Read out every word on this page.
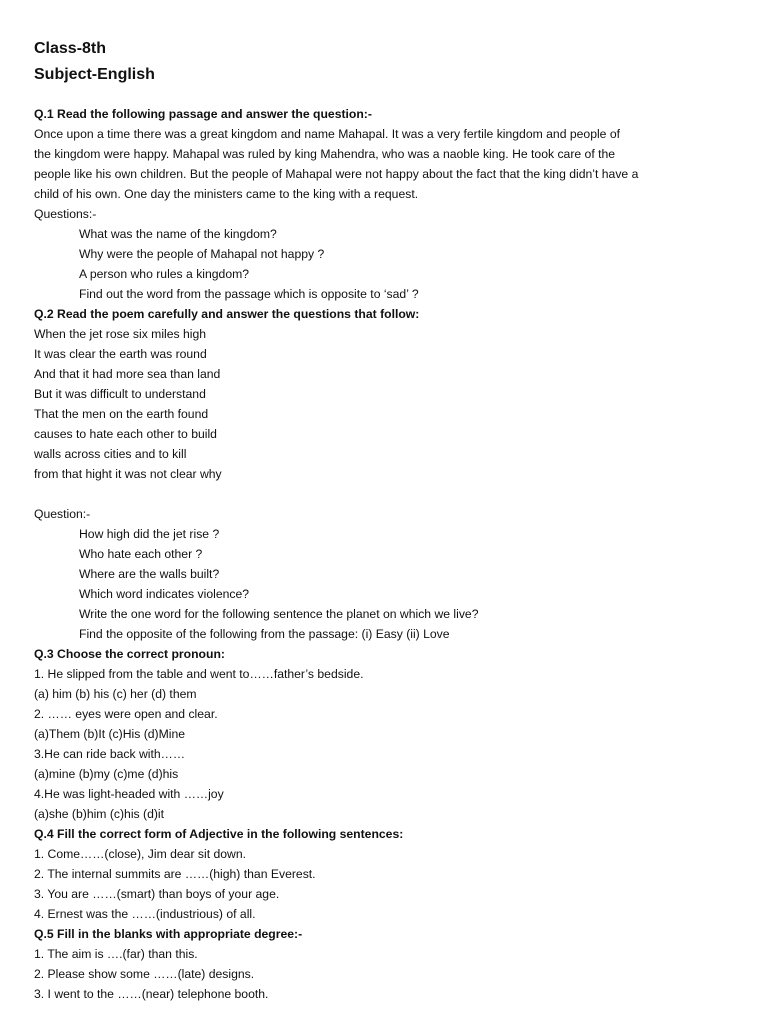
Class-8th
Subject-English
Q.1 Read the following passage and answer the question:-
Once upon a time there was a great kingdom and name Mahapal. It was a very fertile kingdom and people of
the kingdom were happy. Mahapal was ruled by king Mahendra, who was a naoble king. He took care of the
people like his own children. But the people of Mahapal were not happy about the fact that the king didn’t have a
child of his own. One day the ministers came to the king with a request.
Questions:-
What was the name of the kingdom?
Why were the people of Mahapal not happy ?
A person who rules a kingdom?
Find out the word from the passage which is opposite to ‘sad’ ?
Q.2 Read the poem carefully and answer the questions that follow:
When the jet rose six miles high
It was clear the earth was round
And that it had more sea than land
But it was difficult to understand
That the men on the earth found
causes to hate each other to build
walls across cities and to kill
from that hight it was not clear why
Question:-
How high did the jet rise ?
Who hate each other ?
Where are the walls built?
Which word indicates violence?
Write the one word for the following sentence the planet on which we live?
Find the opposite of the following from the passage: (i) Easy (ii) Love
Q.3 Choose the correct pronoun:
1. He slipped from the table and went to……father’s bedside.
(a) him (b) his (c) her (d) them
2. …… eyes were open and clear.
(a)Them (b)It (c)His (d)Mine
3.He can ride back with……
(a)mine (b)my (c)me (d)his
4.He was light-headed with ……joy
(a)she (b)him (c)his (d)it
Q.4 Fill the correct form of Adjective in the following sentences:
1. Come……(close), Jim dear sit down.
2. The internal summits are ……(high) than Everest.
3. You are ……(smart) than boys of your age.
4. Ernest was the ……(industrious) of all.
Q.5 Fill in the blanks with appropriate degree:-
1. The aim is ….(far) than this.
2. Please show some ……(late) designs.
3. I went to the ……(near) telephone booth.
